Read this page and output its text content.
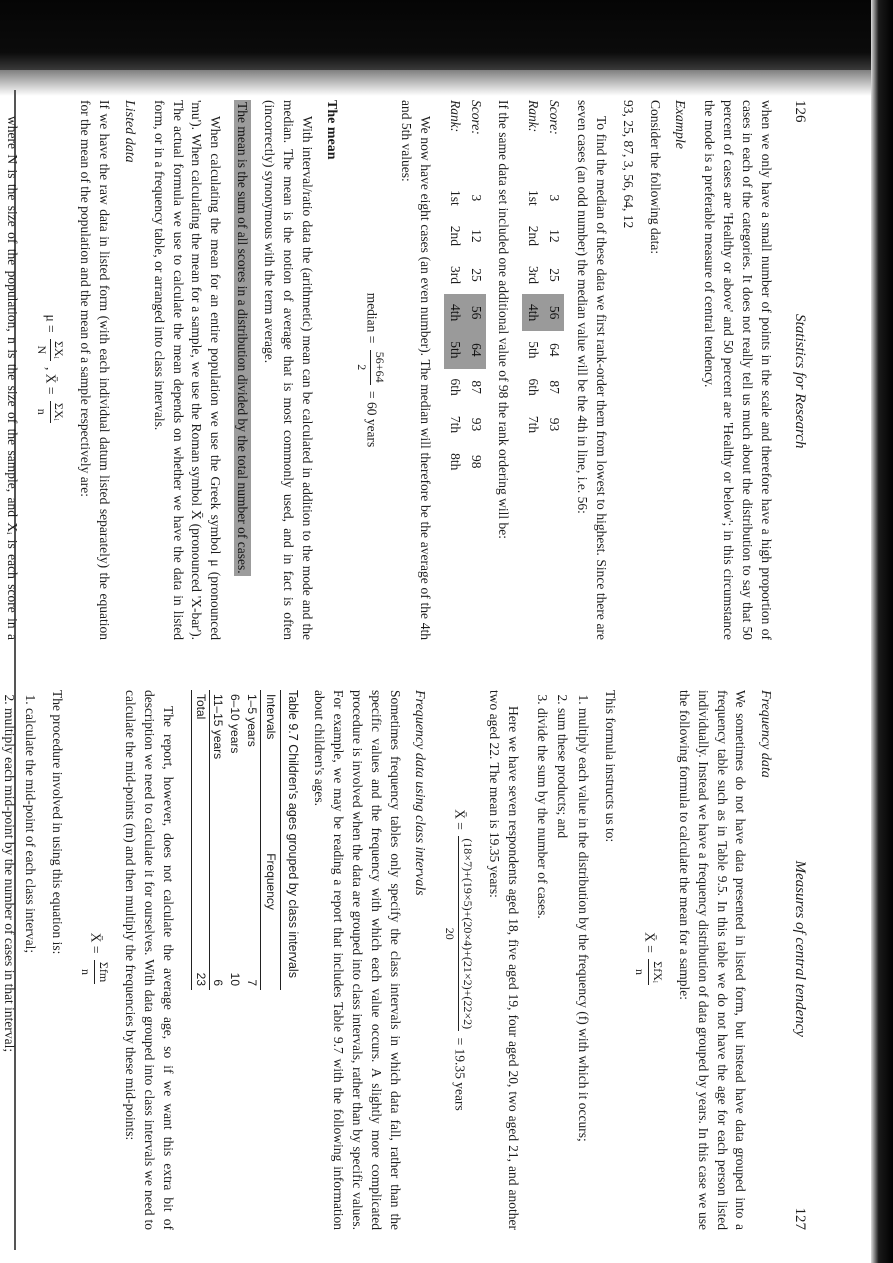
126
Statistics for Research

when we only have a small number of points in the scale and therefore have a high proportion of cases in each of the categories. It does not really tell us much about the distribution to say that 50 percent of cases are 'Healthy or above' and 50 percent are 'Healthy or below'; in this circumstance the mode is a preferable measure of central tendency.

Example

Consider the following data:

93, 25, 87, 3, 56, 64, 12

To find the median of these data we first rank-order them from lowest to highest. Since there are seven cases (an odd number) the median value will be the 4th in line, i.e. 56:

Score:	3	12	25	56	64	87	93
Rank:	1st	2nd	3rd	4th	5th	6th	7th

If the same data set included one additional value of 98 the rank ordering will be:

Score:	3	12	25	56	64	87	93	98
Rank:	1st	2nd	3rd	4th	5th	6th	7th	8th

We now have eight cases (an even number). The median will therefore be the average of the 4th and 5th values:

median =
56+64
2
= 60 years
The mean

With interval/ratio data the (arithmetic) mean can be calculated in addition to the mode and the median. The mean is the notion of average that is most commonly used, and in fact is often (incorrectly) synonymous with the term average.

The mean is the sum of all scores in a distribution divided by the total number of cases.

When calculating the mean for an entire population we use the Greek symbol μ (pronounced 'mu'). When calculating the mean for a sample, we use the Roman symbol X̄ (pronounced 'X-bar'). The actual formula we use to calculate the mean depends on whether we have the data in listed form, or in a frequency table, or arranged into class intervals.

Listed data

If we have the raw data in listed form (with each individual datum listed separately) the equation for the mean of the population and the mean of a sample respectively are:

μ =
ΣXᵢ
N
, X̄ =
ΣXᵢ
n

where N is the size of the population, n is the size of the sample, and Xᵢ is each score in a

Measures of central tendency
127
Frequency data

We sometimes do not have data presented in listed form, but instead have data grouped into a frequency table such as in Table 9.5. In this table we do not have the age for each person listed individually. Instead we have a frequency distribution of data grouped by years. In this case we use the following formula to calculate the mean for a sample:

X̄ =
ΣfXᵢ
n

This formula instructs us to:

1. multiply each value in the distribution by the frequency (f) with which it occurs;
2. sum these products; and
3. divide the sum by the number of cases.

Here we have seven respondents aged 18, five aged 19, four aged 20, two aged 21, and another two aged 22. The mean is 19.35 years:

X̄ =
(18×7)+(19×5)+(20×4)+(21×2)+(22×2)
20
= 19.35 years
Frequency data using class intervals

Sometimes frequency tables only specify the class intervals in which data fall, rather than the specific values and the frequency with which each value occurs. A slightly more complicated procedure is involved when the data are grouped into class intervals, rather than by specific values. For example, we may be reading a report that includes Table 9.7 with the following information about children's ages.

Table 9.7 Children's ages grouped by class intervals
Intervals	Frequency
1–5 years	7
6–10 years	10
11–15 years	6
Total	23

The report, however, does not calculate the average age, so if we want this extra bit of description we need to calculate it for ourselves. With data grouped into class intervals we need to calculate the mid-points (m) and then multiply the frequencies by these mid-points:

X̄ =
Σfm
n

The procedure involved in using this equation is:

1. calculate the mid-point of each class interval;
2. multiply each mid-point by the number of cases in that interval;
